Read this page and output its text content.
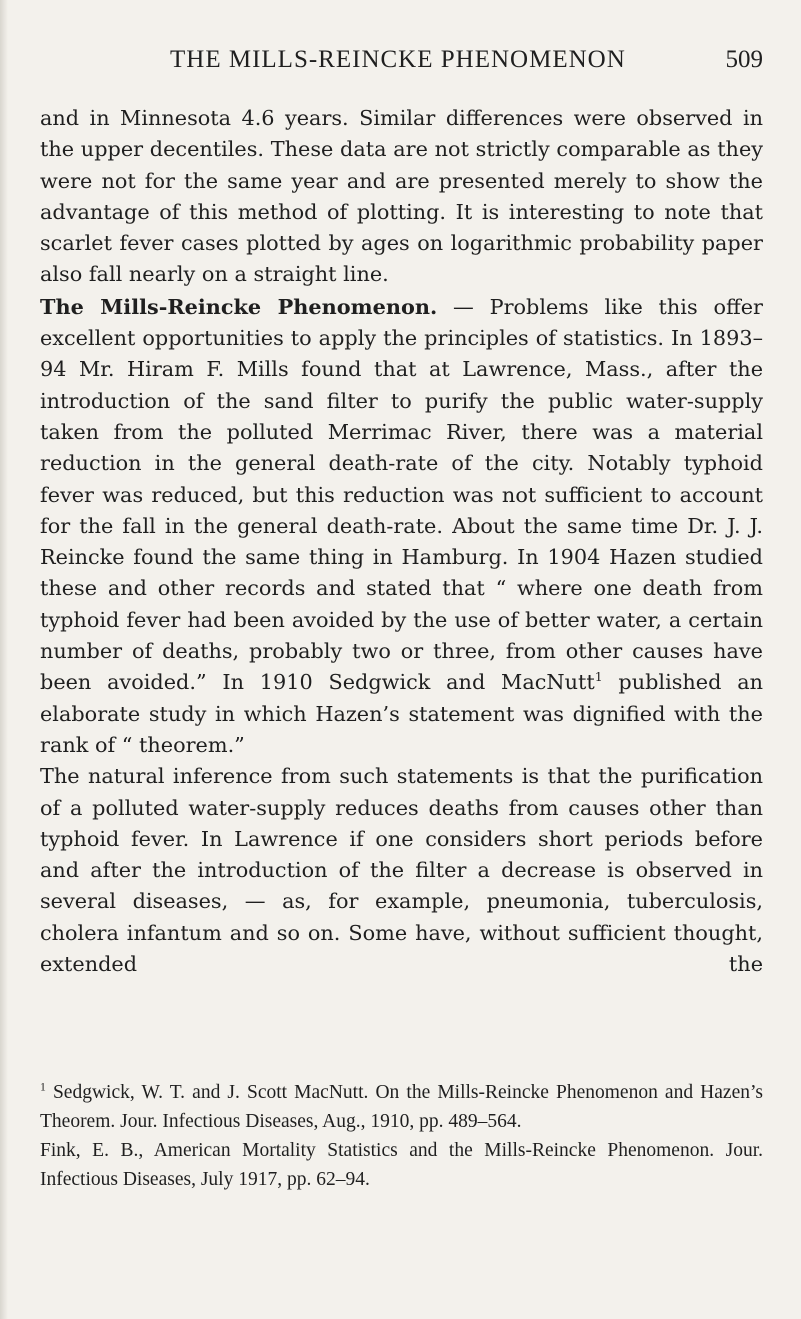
THE MILLS-REINCKE PHENOMENON	509

and in Minnesota 4.6 years. Similar differences were observed in the upper decentiles. These data are not strictly comparable as they were not for the same year and are presented merely to show the advantage of this method of plotting. It is interesting to note that scarlet fever cases plotted by ages on logarithmic probability paper also fall nearly on a straight line.

The Mills-Reincke Phenomenon. — Problems like this offer excellent opportunities to apply the principles of statistics. In 1893–94 Mr. Hiram F. Mills found that at Lawrence, Mass., after the introduction of the sand filter to purify the public water-supply taken from the polluted Merrimac River, there was a material reduction in the general death-rate of the city. Notably typhoid fever was reduced, but this reduction was not sufficient to account for the fall in the general death-rate. About the same time Dr. J. J. Reincke found the same thing in Hamburg. In 1904 Hazen studied these and other records and stated that “ where one death from typhoid fever had been avoided by the use of better water, a certain number of deaths, probably two or three, from other causes have been avoided.” In 1910 Sedgwick and MacNutt$^1$ published an elaborate study in which Hazen’s statement was dignified with the rank of “ theorem.”

The natural inference from such statements is that the purification of a polluted water-supply reduces deaths from causes other than typhoid fever. In Lawrence if one considers short periods before and after the introduction of the filter a decrease is observed in several diseases, — as, for example, pneumonia, tuberculosis, cholera infantum and so on. Some have, without sufficient thought, extended the

$^1$ Sedgwick, W. T. and J. Scott MacNutt. On the Mills-Reincke Phenomenon and Hazen’s Theorem. Jour. Infectious Diseases, Aug., 1910, pp. 489–564.

Fink, E. B., American Mortality Statistics and the Mills-Reincke Phenomenon. Jour. Infectious Diseases, July 1917, pp. 62–94.
